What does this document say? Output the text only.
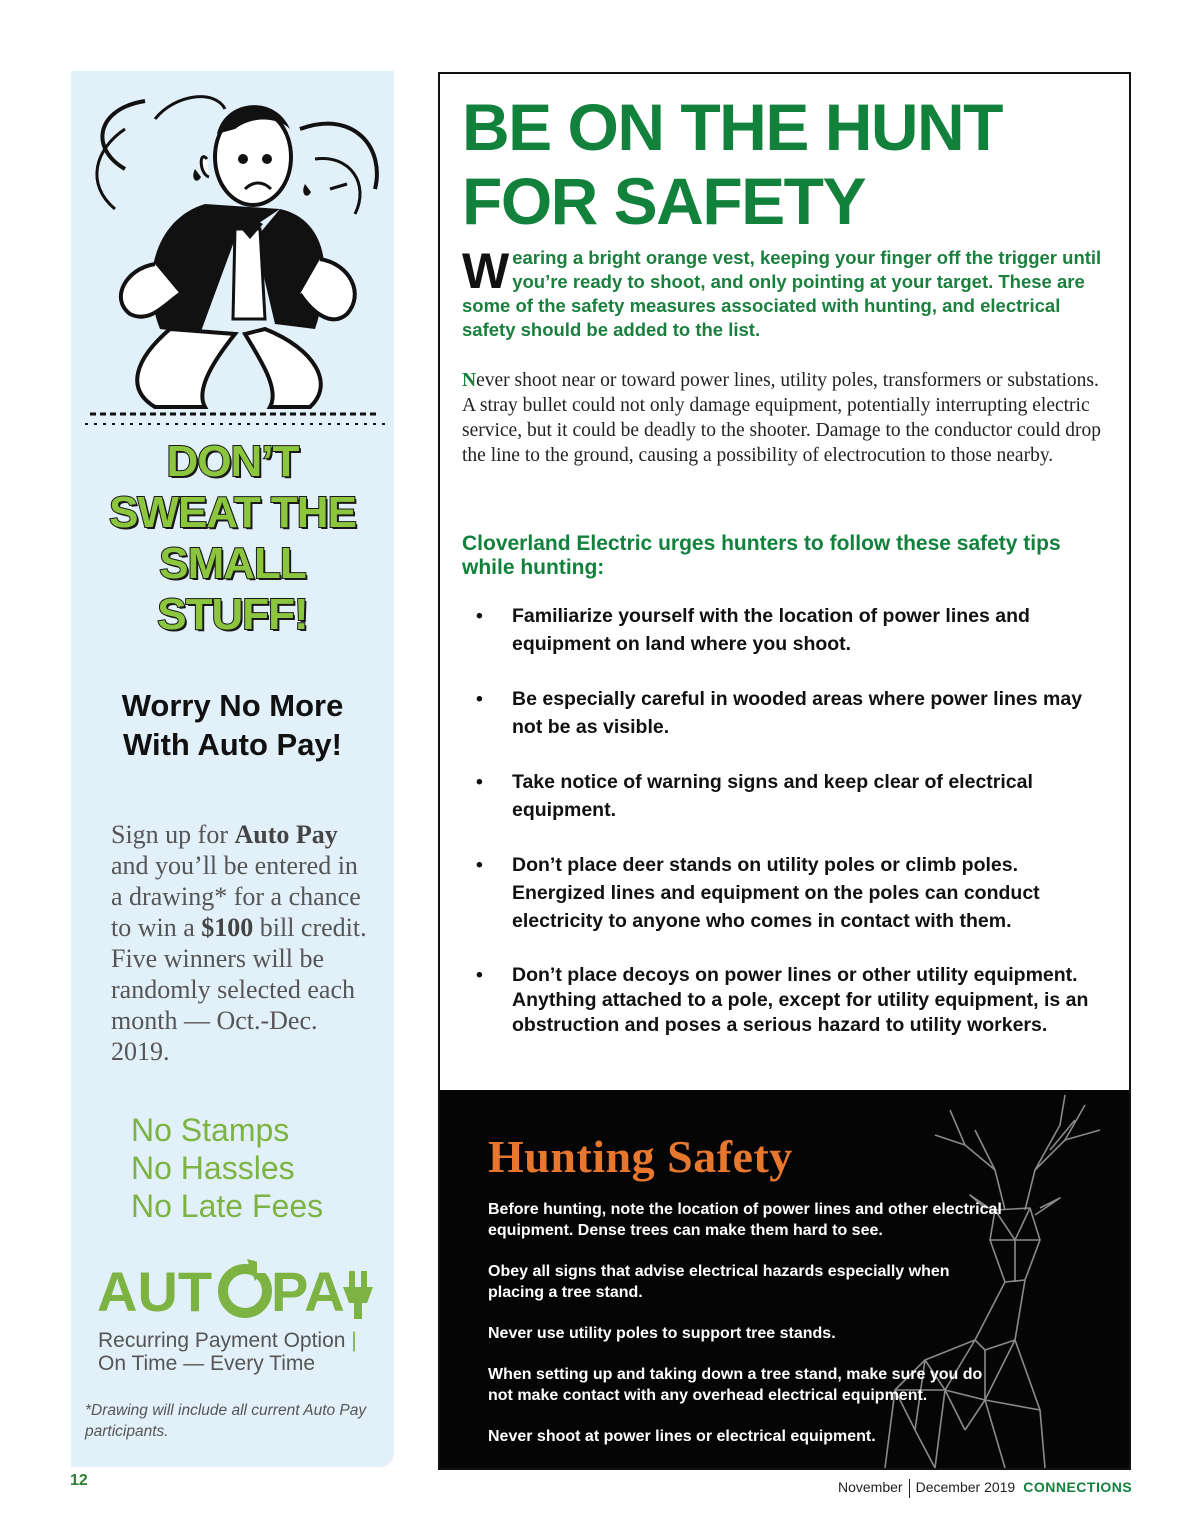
DON’T
SWEAT THE
SMALL
STUFF!
Worry No More
With Auto Pay!

Sign up for Auto Pay and you’ll be entered in a drawing* for a chance to win a $100 bill credit. Five winners will be randomly selected each month — Oct.-Dec. 2019.

No Stamps
No Hassles
No Late Fees
AUT PA
Recurring Payment Option |
On Time — Every Time

*Drawing will include all current Auto Pay participants.

12
BE ON THE HUNT
FOR SAFETY

Wearing a bright orange vest, keeping your finger off the trigger until you’re ready to shoot, and only pointing at your target. These are some of the safety measures associated with hunting, and electrical safety should be added to the list.

Never shoot near or toward power lines, utility poles, transformers or substations. A stray bullet could not only damage equipment, potentially interrupting electric service, but it could be deadly to the shooter. Damage to the conductor could drop the line to the ground, causing a possibility of electrocution to those nearby.

Cloverland Electric urges hunters to follow these safety tips while hunting:
• Familiarize yourself with the location of power lines and equipment on land where you shoot.
• Be especially careful in wooded areas where power lines may not be as visible.
• Take notice of warning signs and keep clear of electrical equipment.
• Don’t place deer stands on utility poles or climb poles. Energized lines and equipment on the poles can conduct electricity to anyone who comes in contact with them.
• Don’t place decoys on power lines or other utility equipment. Anything attached to a pole, except for utility equipment, is an obstruction and poses a serious hazard to utility workers.
Hunting Safety

Before hunting, note the location of power lines and other electrical equipment. Dense trees can make them hard to see.

Obey all signs that advise electrical hazards especially when placing a tree stand.

Never use utility poles to support tree stands.

When setting up and taking down a tree stand, make sure you do not make contact with any overhead electrical equipment.

Never shoot at power lines or electrical equipment.

November December 2019 CONNECTIONS
